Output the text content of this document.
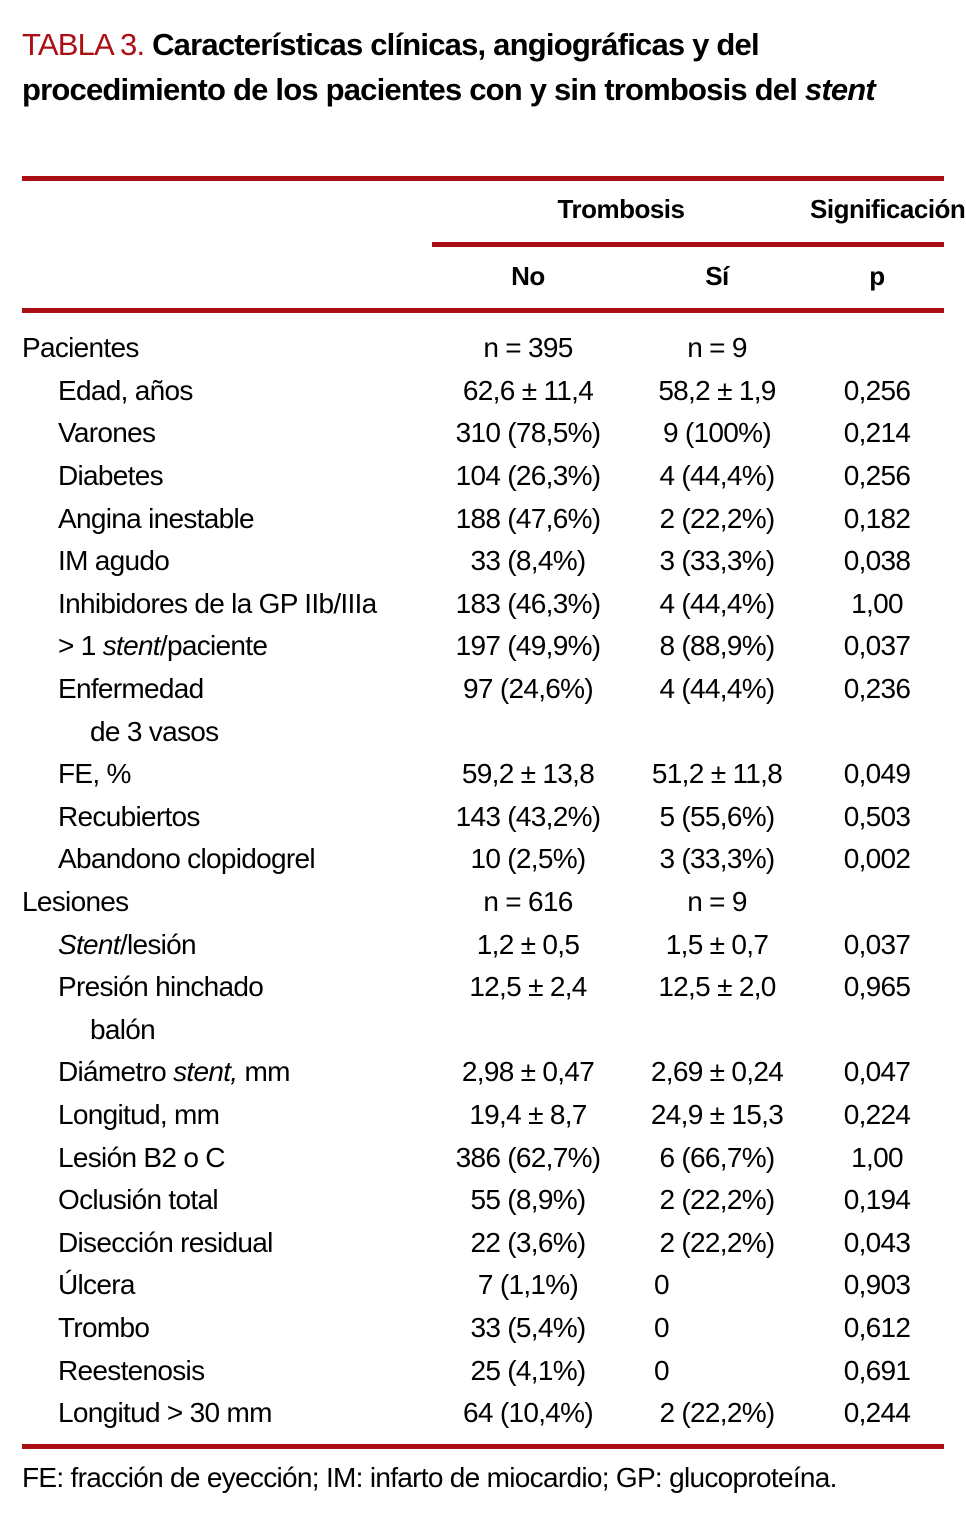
TABLA 3. Características clínicas, angiográficas y del procedimiento de los pacientes con y sin trombosis del stent
Trombosis	Significación
No	Sí	p
Pacientes	n = 395	n = 9
Edad, años	62,6 ± 11,4	58,2 ± 1,9	0,256
Varones	310 (78,5%)	9 (100%)	0,214
Diabetes	104 (26,3%)	4 (44,4%)	0,256
Angina inestable	188 (47,6%)	2 (22,2%)	0,182
IM agudo	33 (8,4%)	3 (33,3%)	0,038
Inhibidores de la GP IIb/IIIa	183 (46,3%)	4 (44,4%)	1,00
> 1 stent/paciente	197 (49,9%)	8 (88,9%)	0,037
Enfermedad	97 (24,6%)	4 (44,4%)	0,236
de 3 vasos
FE, %	59,2 ± 13,8	51,2 ± 11,8	0,049
Recubiertos	143 (43,2%)	5 (55,6%)	0,503
Abandono clopidogrel	10 (2,5%)	3 (33,3%)	0,002
Lesiones	n = 616	n = 9
Stent/lesión	1,2 ± 0,5	1,5 ± 0,7	0,037
Presión hinchado	12,5 ± 2,4	12,5 ± 2,0	0,965
balón
Diámetro stent, mm	2,98 ± 0,47	2,69 ± 0,24	0,047
Longitud, mm	19,4 ± 8,7	24,9 ± 15,3	0,224
Lesión B2 o C	386 (62,7%)	6 (66,7%)	1,00
Oclusión total	55 (8,9%)	2 (22,2%)	0,194
Disección residual	22 (3,6%)	2 (22,2%)	0,043
Úlcera	7 (1,1%)	0	0,903
Trombo	33 (5,4%)	0	0,612
Reestenosis	25 (4,1%)	0	0,691
Longitud > 30 mm	64 (10,4%)	2 (22,2%)	0,244
FE: fracción de eyección; IM: infarto de miocardio; GP: glucoproteína.
